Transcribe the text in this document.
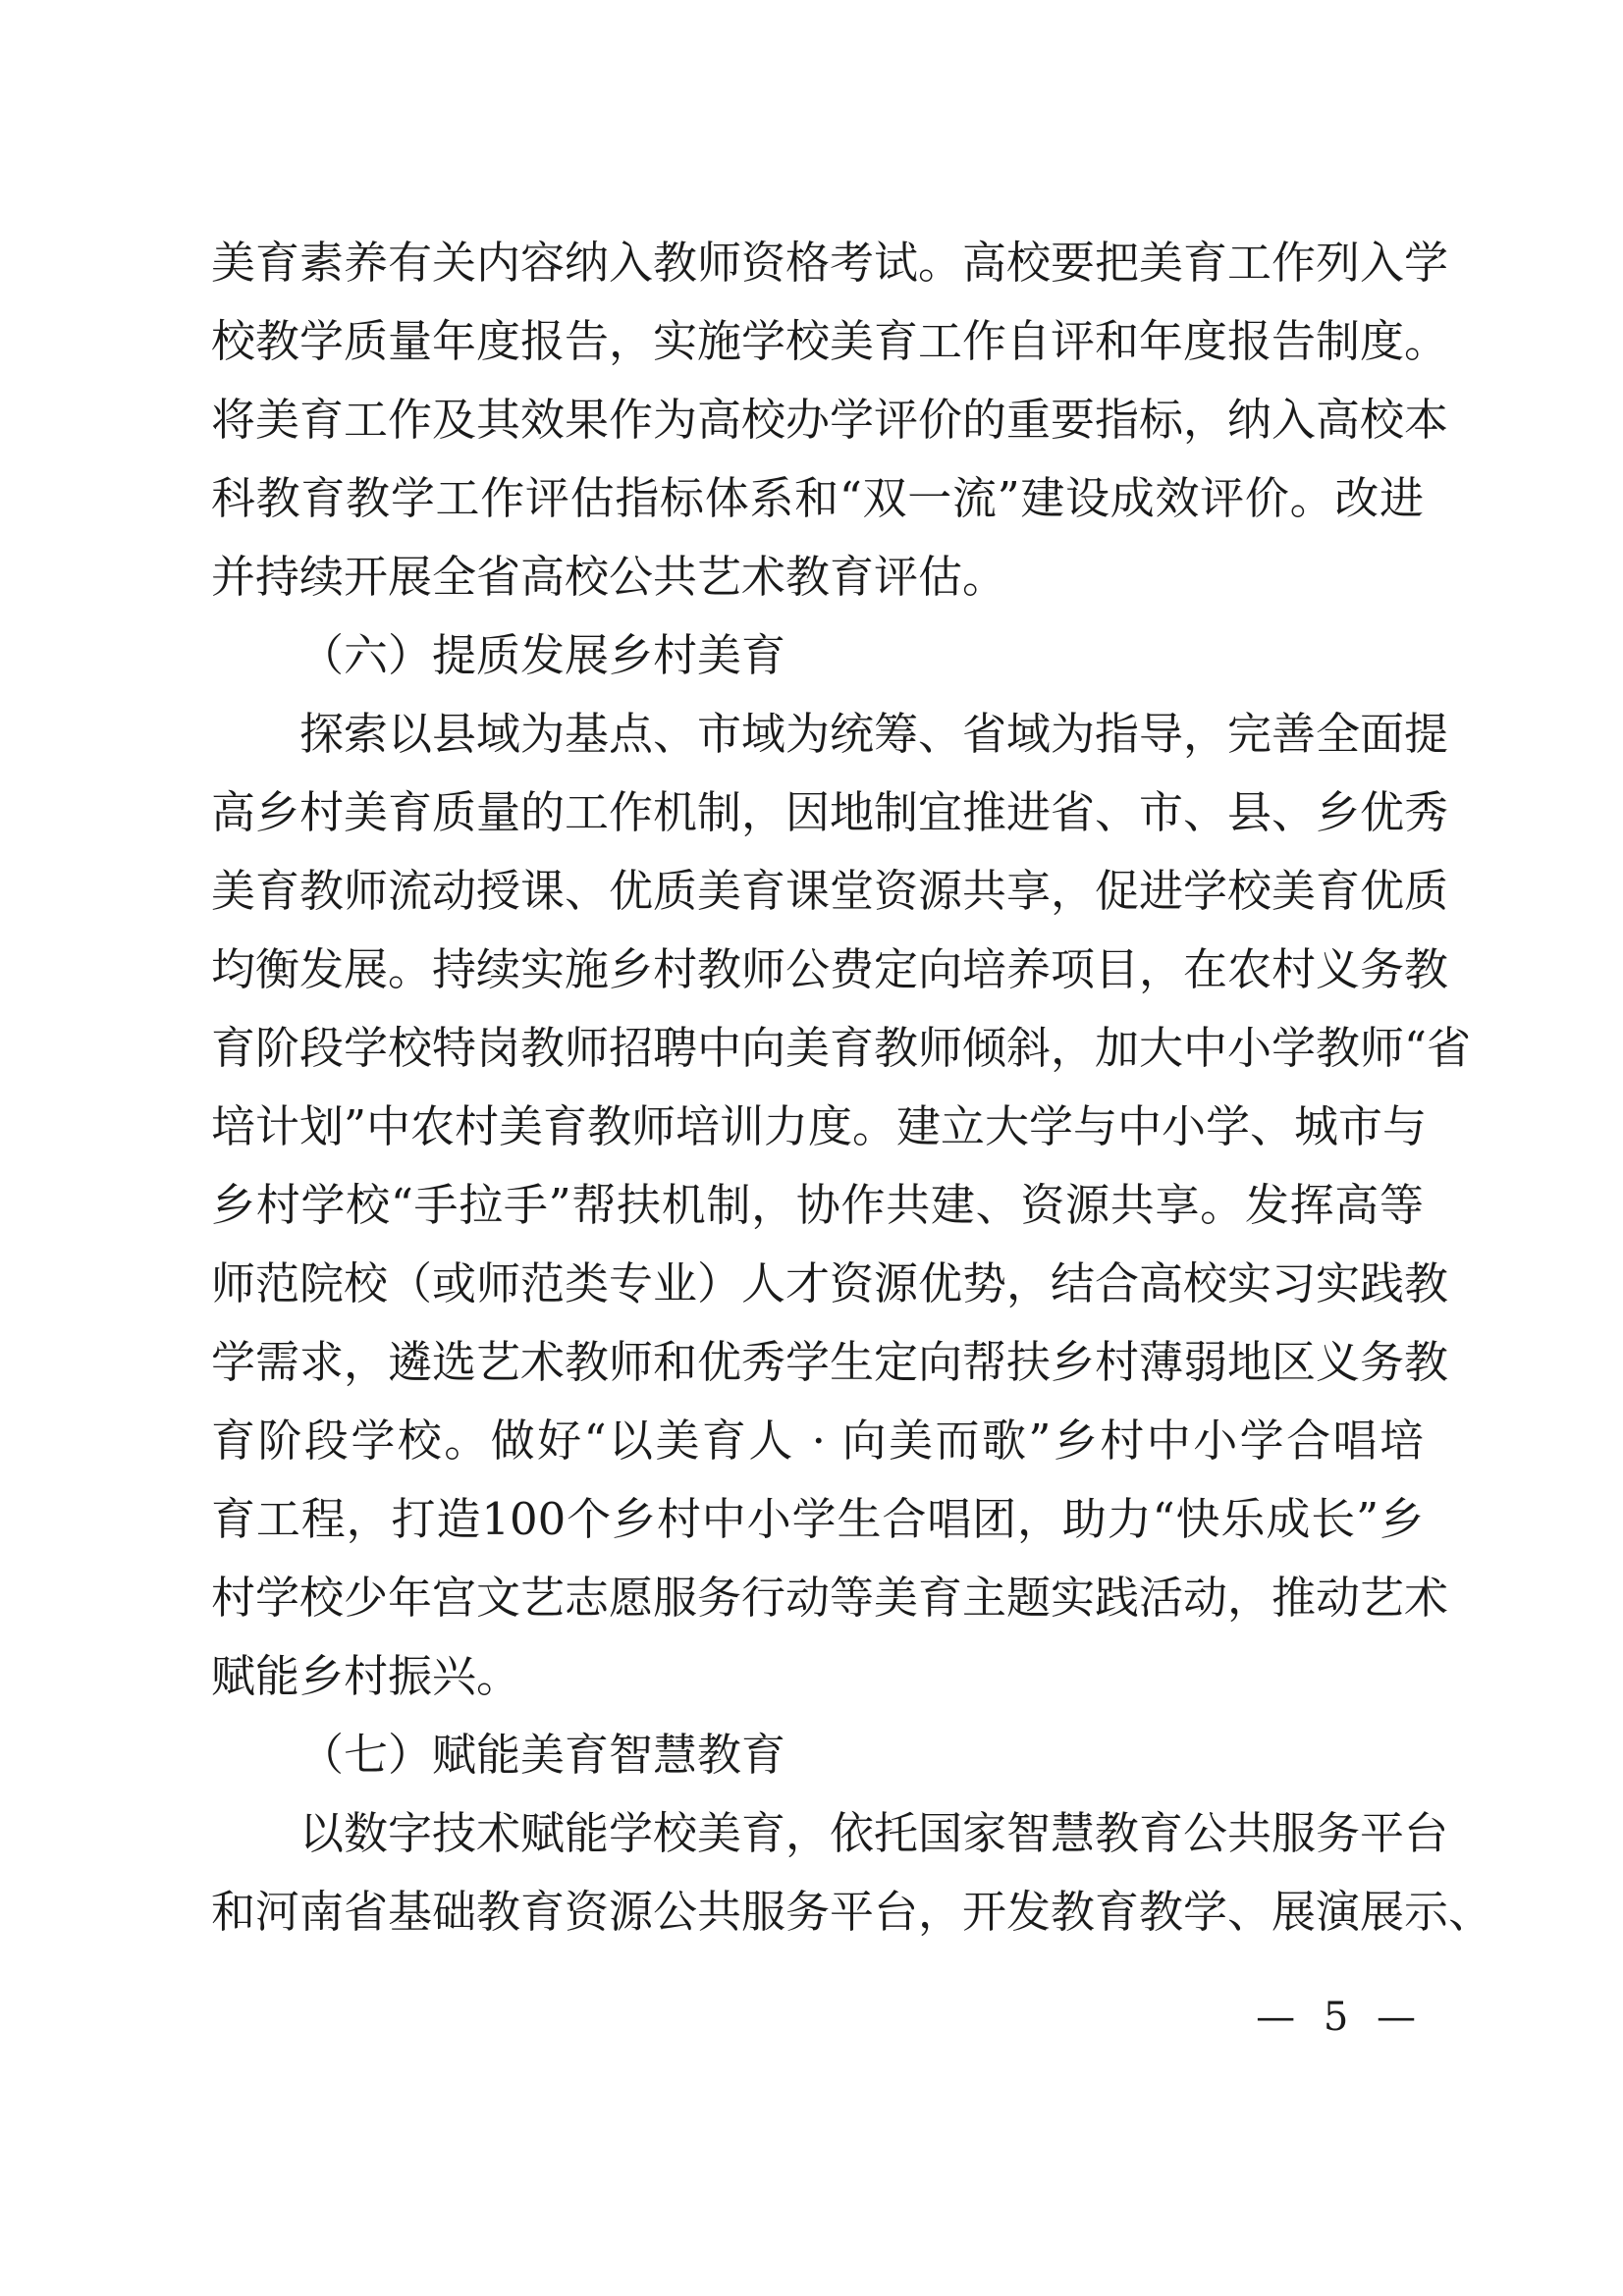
美育素养有关内容纳入教师资格考试。高校要把美育工作列入学
校教学质量年度报告，实施学校美育工作自评和年度报告制度。
将美育工作及其效果作为高校办学评价的重要指标，纳入高校本
科教育教学工作评估指标体系和“双一流”建设成效评价。改进
并持续开展全省高校公共艺术教育评估。
（六）提质发展乡村美育
探索以县域为基点、市域为统筹、省域为指导，完善全面提
高乡村美育质量的工作机制，因地制宜推进省、市、县、乡优秀
美育教师流动授课、优质美育课堂资源共享，促进学校美育优质
均衡发展。持续实施乡村教师公费定向培养项目，在农村义务教
育阶段学校特岗教师招聘中向美育教师倾斜，加大中小学教师“省
培计划”中农村美育教师培训力度。建立大学与中小学、城市与
乡村学校“手拉手”帮扶机制，协作共建、资源共享。发挥高等
师范院校（或师范类专业）人才资源优势，结合高校实习实践教
学需求，遴选艺术教师和优秀学生定向帮扶乡村薄弱地区义务教
育阶段学校。做好“以美育人 · 向美而歌”乡村中小学合唱培
育工程，打造100个乡村中小学生合唱团，助力“快乐成长”乡
村学校少年宫文艺志愿服务行动等美育主题实践活动，推动艺术
赋能乡村振兴。
（七）赋能美育智慧教育
以数字技术赋能学校美育，依托国家智慧教育公共服务平台
和河南省基础教育资源公共服务平台，开发教育教学、展演展示、
— 5 —
